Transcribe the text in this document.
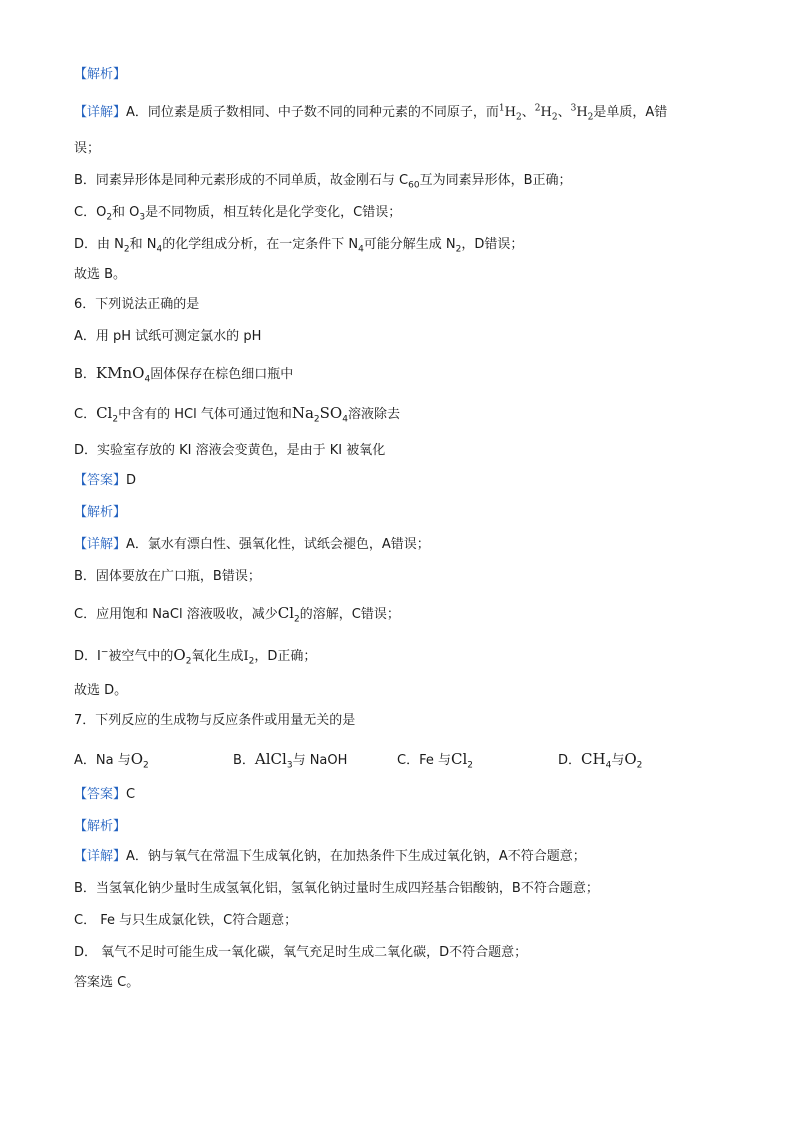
【解析】
【详解】A．同位素是质子数相同、中子数不同的同种元素的不同原子，而$^1H_2$、$^2H_2$、$^3H_2$是单质，A错
误；
B．同素异形体是同种元素形成的不同单质，故金刚石与 $C_{60}$互为同素异形体，B正确；
C．$O_2$和 $O_3$是不同物质，相互转化是化学变化，C错误；
D．由 $N_2$和 $N_4$的化学组成分析，在一定条件下 $N_4$可能分解生成 $N_2$，D错误；
故选 B。
6．下列说法正确的是
A．用 pH 试纸可测定氯水的 pH
B．KMnO$_4$固体保存在棕色细口瓶中
C．$Cl_2$中含有的 HCl 气体可通过饱和$Na_2SO_4$溶液除去
D．实验室存放的 KI 溶液会变黄色，是由于 KI 被氧化
【答案】D
【解析】
【详解】A．氯水有漂白性、强氧化性，试纸会褪色，A错误；
B．固体要放在广口瓶，B错误；
C．应用饱和 NaCl 溶液吸收，减少$Cl_2$的溶解，C错误；
D．I−被空气中的$O_2$氧化生成$I_2$，D正确；
故选 D。
7．下列反应的生成物与反应条件或用量无关的是
A．Na 与$O_2$	B．AlCl$_3$与 NaOH	C．Fe 与$Cl_2$	D．$CH_4$与$O_2$
【答案】C
【解析】
【详解】A．钠与氧气在常温下生成氧化钠，在加热条件下生成过氧化钠，A不符合题意；
B．当氢氧化钠少量时生成氢氧化铝，氢氧化钠过量时生成四羟基合铝酸钠，B不符合题意；
C． Fe 与只生成氯化铁，C符合题意；
D． 氧气不足时可能生成一氧化碳，氧气充足时生成二氧化碳，D不符合题意；
答案选 C。
